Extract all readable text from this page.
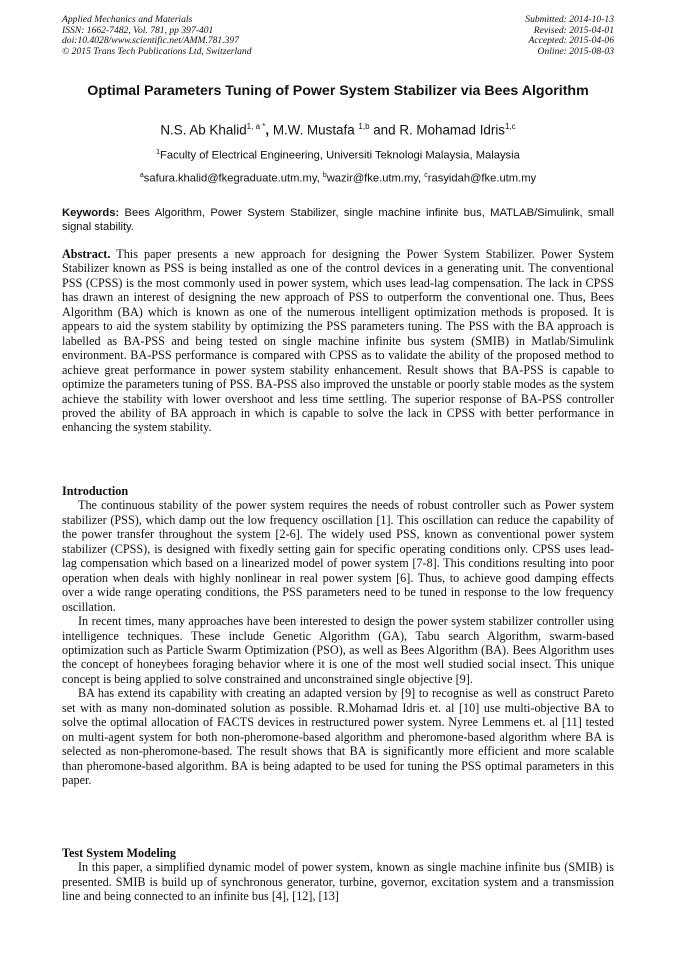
Applied Mechanics and Materials
ISSN: 1662-7482, Vol. 781, pp 397-401
doi:10.4028/www.scientific.net/AMM.781.397
© 2015 Trans Tech Publications Ltd, Switzerland
Submitted: 2014-10-13
Revised: 2015-04-01
Accepted: 2015-04-06
Online: 2015-08-03
Optimal Parameters Tuning of Power System Stabilizer via Bees Algorithm
N.S. Ab Khalid$^{1, a *}$, M.W. Mustafa $^{1,b}$ and R. Mohamad Idris$^{1,c}$
$^1$Faculty of Electrical Engineering, Universiti Teknologi Malaysia, Malaysia
$^a$safura.khalid@fkegraduate.utm.my, $^b$wazir@fke.utm.my, $^c$rasyidah@fke.utm.my
Keywords: Bees Algorithm, Power System Stabilizer, single machine infinite bus, MATLAB/Simulink, small signal stability.

Abstract. This paper presents a new approach for designing the Power System Stabilizer. Power System Stabilizer known as PSS is being installed as one of the control devices in a generating unit. The conventional PSS (CPSS) is the most commonly used in power system, which uses lead-lag compensation. The lack in CPSS has drawn an interest of designing the new approach of PSS to outperform the conventional one. Thus, Bees Algorithm (BA) which is known as one of the numerous intelligent optimization methods is proposed. It is appears to aid the system stability by optimizing the PSS parameters tuning. The PSS with the BA approach is labelled as BA-PSS and being tested on single machine infinite bus system (SMIB) in Matlab/Simulink environment. BA-PSS performance is compared with CPSS as to validate the ability of the proposed method to achieve great performance in power system stability enhancement. Result shows that BA-PSS is capable to optimize the parameters tuning of PSS. BA-PSS also improved the unstable or poorly stable modes as the system achieve the stability with lower overshoot and less time settling. The superior response of BA-PSS controller proved the ability of BA approach in which is capable to solve the lack in CPSS with better performance in enhancing the system stability.

Introduction

The continuous stability of the power system requires the needs of robust controller such as Power system stabilizer (PSS), which damp out the low frequency oscillation [1]. This oscillation can reduce the capability of the power transfer throughout the system [2-6]. The widely used PSS, known as conventional power system stabilizer (CPSS), is designed with fixedly setting gain for specific operating conditions only. CPSS uses lead-lag compensation which based on a linearized model of power system [7-8]. This conditions resulting into poor operation when deals with highly nonlinear in real power system [6]. Thus, to achieve good damping effects over a wide range operating conditions, the PSS parameters need to be tuned in response to the low frequency oscillation.

In recent times, many approaches have been interested to design the power system stabilizer controller using intelligence techniques. These include Genetic Algorithm (GA), Tabu search Algorithm, swarm-based optimization such as Particle Swarm Optimization (PSO), as well as Bees Algorithm (BA). Bees Algorithm uses the concept of honeybees foraging behavior where it is one of the most well studied social insect. This unique concept is being applied to solve constrained and unconstrained single objective [9].

BA has extend its capability with creating an adapted version by [9] to recognise as well as construct Pareto set with as many non-dominated solution as possible. R.Mohamad Idris et. al [10] use multi-objective BA to solve the optimal allocation of FACTS devices in restructured power system. Nyree Lemmens et. al [11] tested on multi-agent system for both non-pheromone-based algorithm and pheromone-based algorithm where BA is selected as non-pheromone-based. The result shows that BA is significantly more efficient and more scalable than pheromone-based algorithm. BA is being adapted to be used for tuning the PSS optimal parameters in this paper.

Test System Modeling

In this paper, a simplified dynamic model of power system, known as single machine infinite bus (SMIB) is presented. SMIB is build up of synchronous generator, turbine, governor, excitation system and a transmission line and being connected to an infinite bus [4], [12], [13]
